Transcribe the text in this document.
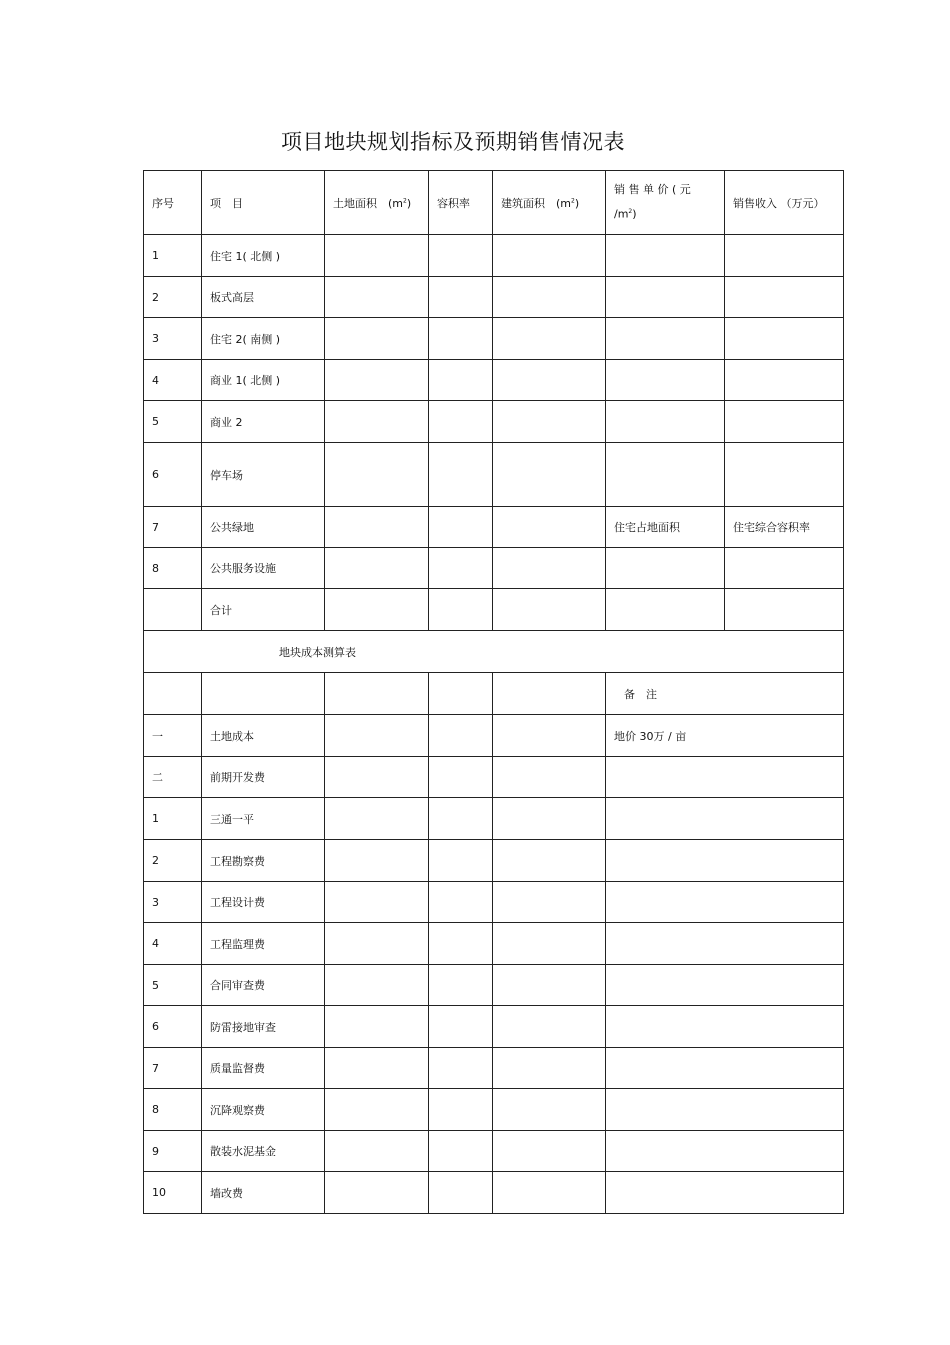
项目地块规划指标及预期销售情况表
序号	项　目	土地面积　$(m^2)$	容积率	建筑面积　$(m^2)$	销 售 单 价 ( 元
$/m^2$)	销售收入 （万元）
1	住宅 1( 北侧 )					
2	板式高层					
3	住宅 2( 南侧 )					
4	商业 1( 北侧 )					
5	商业 2					
6	停车场					
7	公共绿地				住宅占地面积	住宅综合容积率
8	公共服务设施					
	合计					
地块成本测算表						
					备　注	
一	土地成本				地价 30万 / 亩	
二	前期开发费					
1	三通一平					
2	工程勘察费					
3	工程设计费					
4	工程监理费					
5	合同审查费					
6	防雷接地审查					
7	质量监督费					
8	沉降观察费					
9	散装水泥基金					
10	墙改费					
